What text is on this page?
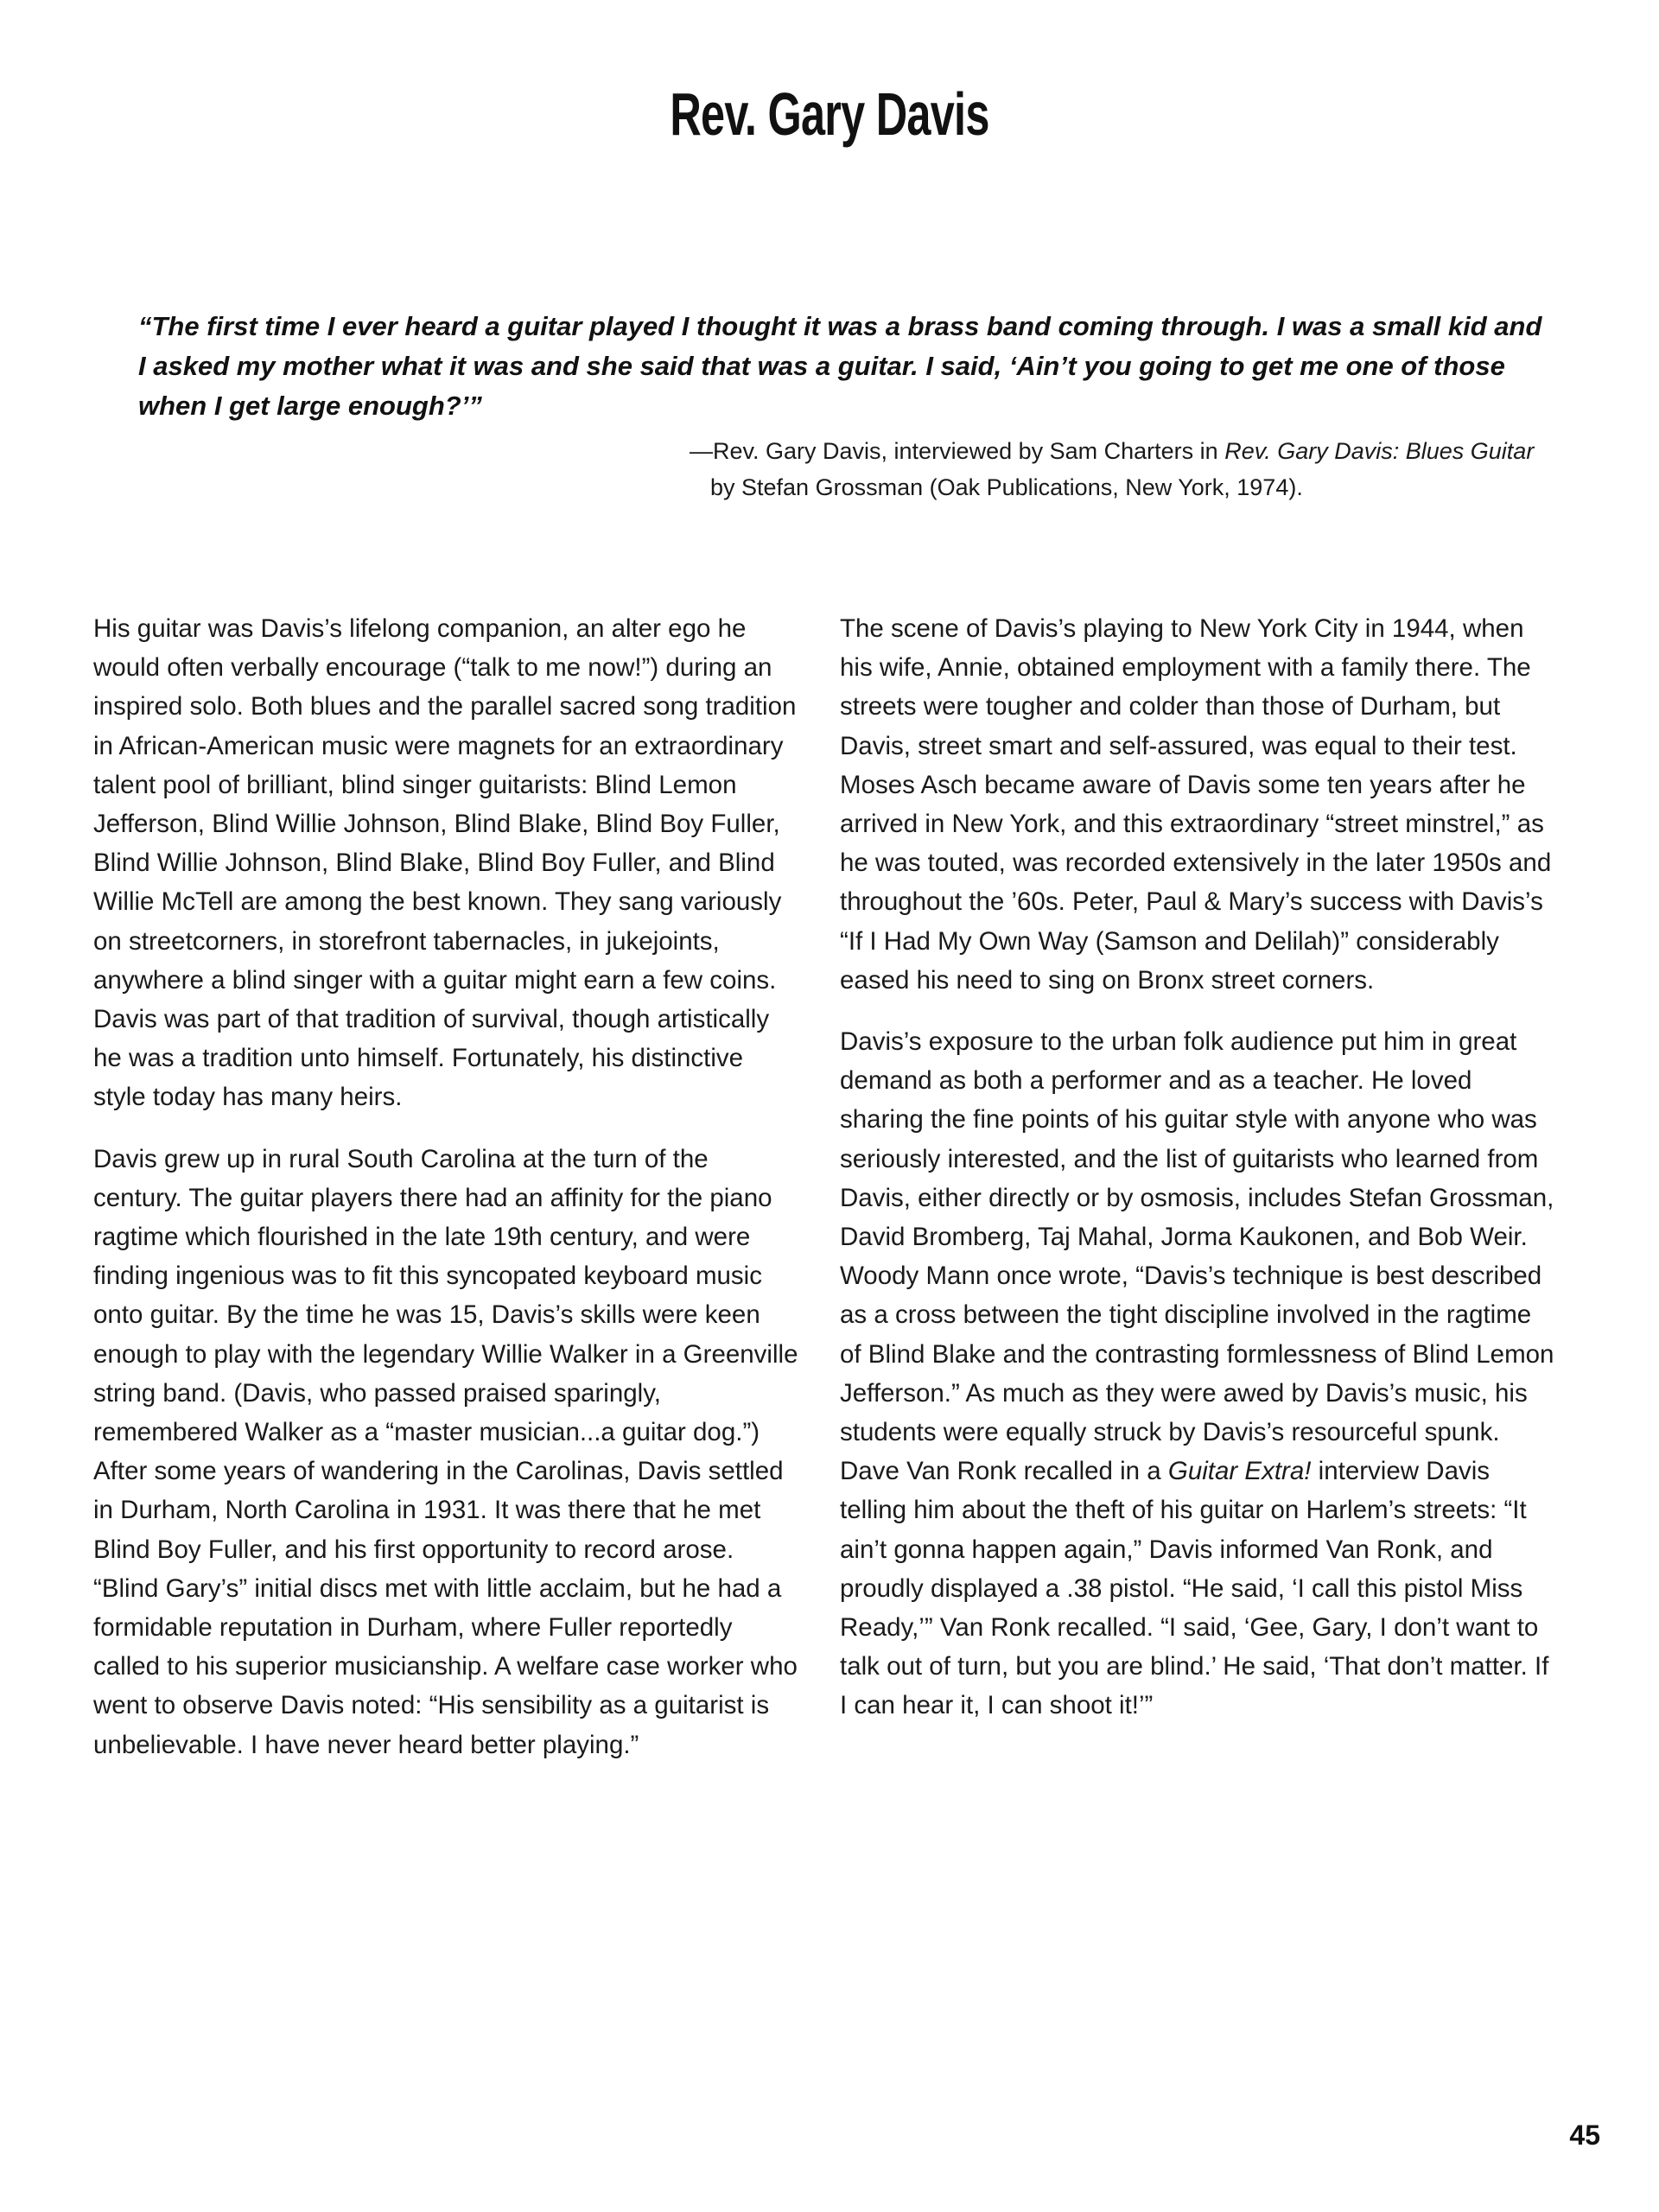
Rev. Gary Davis

“The first time I ever heard a guitar played I thought it was a brass band coming through. I was a small kid and I asked my mother what it was and she said that was a guitar. I said, ‘Ain’t you going to get me one of those when I get large enough?’”

—Rev. Gary Davis, interviewed by Sam Charters in Rev. Gary Davis: Blues Guitar
by Stefan Grossman (Oak Publications, New York, 1974).

His guitar was Davis’s lifelong companion, an alter ego he would often verbally encourage (“talk to me now!”) during an inspired solo. Both blues and the parallel sacred song tradition in African-American music were magnets for an extraordinary talent pool of brilliant, blind singer guitarists: Blind Lemon Jefferson, Blind Willie Johnson, Blind Blake, Blind Boy Fuller, Blind Willie Johnson, Blind Blake, Blind Boy Fuller, and Blind Willie McTell are among the best known. They sang variously on streetcorners, in storefront tabernacles, in jukejoints, anywhere a blind singer with a guitar might earn a few coins. Davis was part of that tradition of survival, though artistically he was a tradition unto himself. Fortunately, his distinctive style today has many heirs.

Davis grew up in rural South Carolina at the turn of the century. The guitar players there had an affinity for the piano ragtime which flourished in the late 19th century, and were finding ingenious was to fit this syncopated keyboard music onto guitar. By the time he was 15, Davis’s skills were keen enough to play with the legendary Willie Walker in a Greenville string band. (Davis, who passed praised sparingly, remembered Walker as a “master musician...a guitar dog.”) After some years of wandering in the Carolinas, Davis settled in Durham, North Carolina in 1931. It was there that he met Blind Boy Fuller, and his first opportunity to record arose. “Blind Gary’s” initial discs met with little acclaim, but he had a formidable reputation in Durham, where Fuller reportedly called to his superior musicianship. A welfare case worker who went to observe Davis noted: “His sensibility as a guitarist is unbelievable. I have never heard better playing.”

The scene of Davis’s playing to New York City in 1944, when his wife, Annie, obtained employment with a family there. The streets were tougher and colder than those of Durham, but Davis, street smart and self-assured, was equal to their test. Moses Asch became aware of Davis some ten years after he arrived in New York, and this extraordinary “street minstrel,” as he was touted, was recorded extensively in the later 1950s and throughout the ’60s. Peter, Paul & Mary’s success with Davis’s “If I Had My Own Way (Samson and Delilah)” considerably eased his need to sing on Bronx street corners.

Davis’s exposure to the urban folk audience put him in great demand as both a performer and as a teacher. He loved sharing the fine points of his guitar style with anyone who was seriously interested, and the list of guitarists who learned from Davis, either directly or by osmosis, includes Stefan Grossman, David Bromberg, Taj Mahal, Jorma Kaukonen, and Bob Weir. Woody Mann once wrote, “Davis’s technique is best described as a cross between the tight discipline involved in the ragtime of Blind Blake and the contrasting formlessness of Blind Lemon Jefferson.” As much as they were awed by Davis’s music, his students were equally struck by Davis’s resourceful spunk. Dave Van Ronk recalled in a Guitar Extra! interview Davis telling him about the theft of his guitar on Harlem’s streets: “It ain’t gonna happen again,” Davis informed Van Ronk, and proudly displayed a .38 pistol. “He said, ‘I call this pistol Miss Ready,’” Van Ronk recalled. “I said, ‘Gee, Gary, I don’t want to talk out of turn, but you are blind.’ He said, ‘That don’t matter. If I can hear it, I can shoot it!’”

45
